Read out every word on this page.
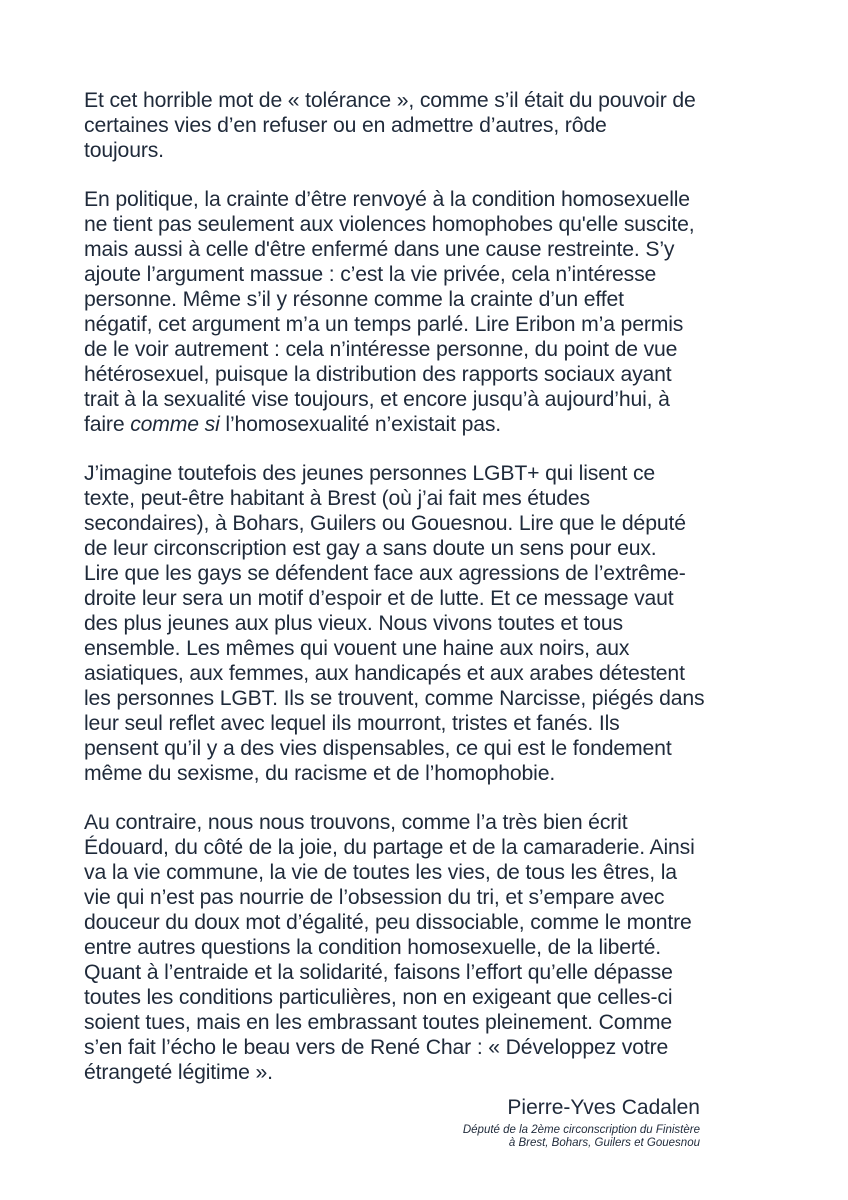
Et cet horrible mot de « tolérance », comme s’il était du pouvoir de
certaines vies d’en refuser ou en admettre d’autres, rôde
toujours.

En politique, la crainte d’être renvoyé à la condition homosexuelle
ne tient pas seulement aux violences homophobes qu'elle suscite,
mais aussi à celle d'être enfermé dans une cause restreinte. S’y
ajoute l’argument massue : c’est la vie privée, cela n’intéresse
personne. Même s’il y résonne comme la crainte d’un effet
négatif, cet argument m’a un temps parlé. Lire Eribon m’a permis
de le voir autrement : cela n’intéresse personne, du point de vue
hétérosexuel, puisque la distribution des rapports sociaux ayant
trait à la sexualité vise toujours, et encore jusqu’à aujourd’hui, à
faire comme si l’homosexualité n’existait pas.

J’imagine toutefois des jeunes personnes LGBT+ qui lisent ce
texte, peut-être habitant à Brest (où j’ai fait mes études
secondaires), à Bohars, Guilers ou Gouesnou. Lire que le député
de leur circonscription est gay a sans doute un sens pour eux.
Lire que les gays se défendent face aux agressions de l’extrême-
droite leur sera un motif d’espoir et de lutte. Et ce message vaut
des plus jeunes aux plus vieux. Nous vivons toutes et tous
ensemble. Les mêmes qui vouent une haine aux noirs, aux
asiatiques, aux femmes, aux handicapés et aux arabes détestent
les personnes LGBT. Ils se trouvent, comme Narcisse, piégés dans
leur seul reflet avec lequel ils mourront, tristes et fanés. Ils
pensent qu’il y a des vies dispensables, ce qui est le fondement
même du sexisme, du racisme et de l’homophobie.

Au contraire, nous nous trouvons, comme l’a très bien écrit
Édouard, du côté de la joie, du partage et de la camaraderie. Ainsi
va la vie commune, la vie de toutes les vies, de tous les êtres, la
vie qui n’est pas nourrie de l’obsession du tri, et s’empare avec
douceur du doux mot d’égalité, peu dissociable, comme le montre
entre autres questions la condition homosexuelle, de la liberté.
Quant à l’entraide et la solidarité, faisons l’effort qu’elle dépasse
toutes les conditions particulières, non en exigeant que celles-ci
soient tues, mais en les embrassant toutes pleinement. Comme
s’en fait l’écho le beau vers de René Char : « Développez votre
étrangeté légitime ».

Pierre-Yves Cadalen

Député de la 2ème circonscription du Finistère
à Brest, Bohars, Guilers et Gouesnou
